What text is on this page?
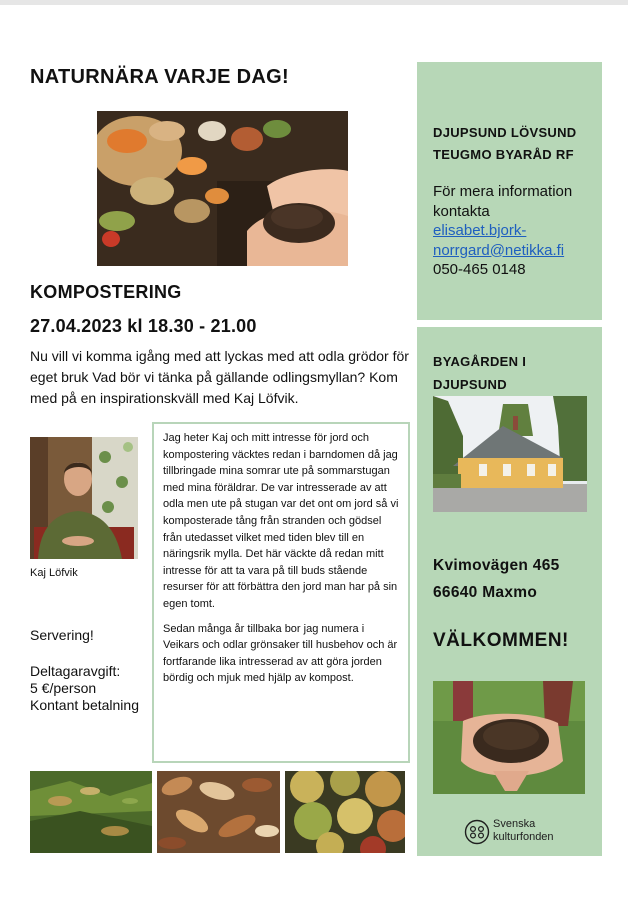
NATURNÄRA VARJE DAG!
KOMPOSTERING
27.04.2023 kl 18.30 - 21.00
Nu vill vi komma igång med att lyckas med att odla grödor för eget bruk Vad bör vi tänka på gällande odlingsmyllan? Kom med på en inspirationskväll med Kaj Löfvik.
Kaj Löfvik
Servering!
Deltagaravgift:
5 €/person
Kontant betalning

Jag heter Kaj och mitt intresse för jord och kompostering väcktes redan i barndomen då jag tillbringade mina somrar ute på sommarstugan med mina föräldrar. De var intresserade av att odla men ute på stugan var det ont om jord så vi komposterade tång från stranden och gödsel från utedasset vilket med tiden blev till en näringsrik mylla. Det här väckte då redan mitt intresse för att ta vara på till buds stående resurser för att förbättra den jord man har på sin egen tomt.

Sedan många år tillbaka bor jag numera i Veikars och odlar grönsaker till husbehov och är fortfarande lika intresserad av att göra jorden bördig och mjuk med hjälp av kompost.

DJUPSUND LÖVSUND
TEUGMO BYARÅD RF
För mera information kontakta
elisabet.bjork-
norrgard@netikka.fi
050-465 0148
BYAGÅRDEN I
DJUPSUND
Kvimovägen 465
66640 Maxmo
VÄLKOMMEN!
Svenska
kulturfonden
